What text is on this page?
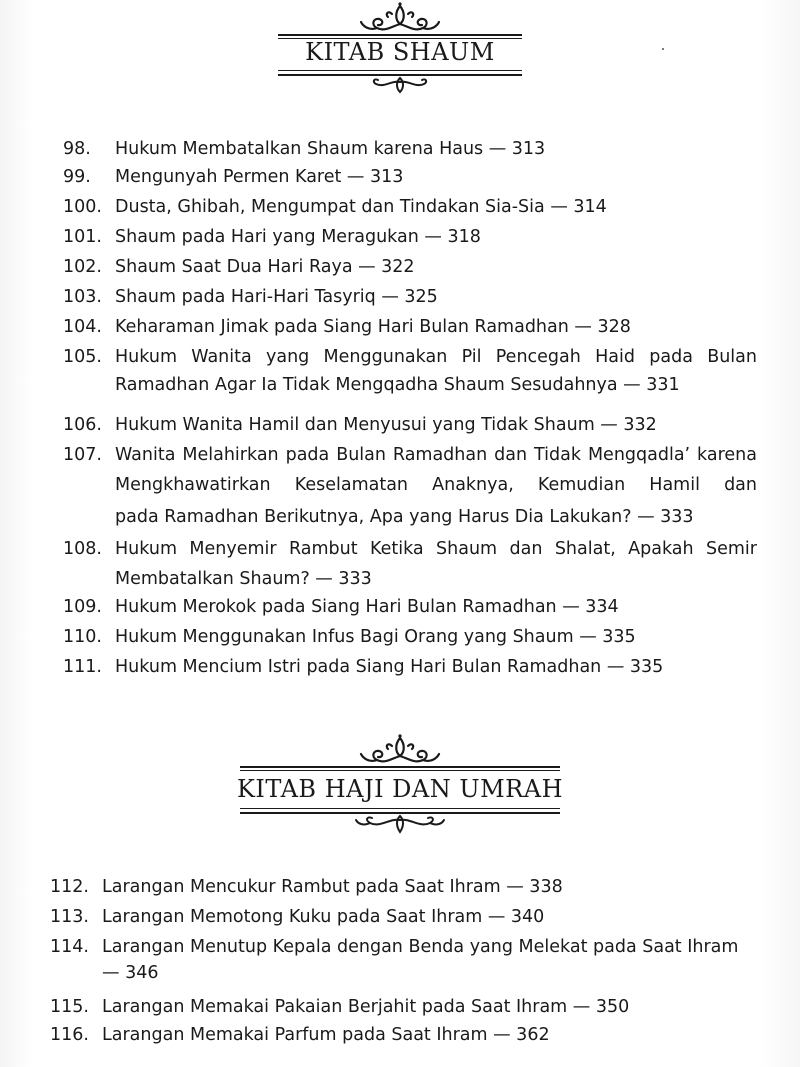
KITAB SHAUM
98. Hukum Membatalkan Shaum karena Haus — 313
99. Mengunyah Permen Karet — 313
100. Dusta, Ghibah, Mengumpat dan Tindakan Sia-Sia — 314
101. Shaum pada Hari yang Meragukan — 318
102. Shaum Saat Dua Hari Raya — 322
103. Shaum pada Hari-Hari Tasyriq — 325
104. Keharaman Jimak pada Siang Hari Bulan Ramadhan — 328
105. Hukum Wanita yang Menggunakan Pil Pencegah Haid pada Bulan
Ramadhan Agar Ia Tidak Mengqadha Shaum Sesudahnya — 331
106. Hukum Wanita Hamil dan Menyusui yang Tidak Shaum — 332
107. Wanita Melahirkan pada Bulan Ramadhan dan Tidak Mengqadla’ karena
Mengkhawatirkan Keselamatan Anaknya, Kemudian Hamil dan
pada Ramadhan Berikutnya, Apa yang Harus Dia Lakukan? — 333
108. Hukum Menyemir Rambut Ketika Shaum dan Shalat, Apakah Semir
Membatalkan Shaum? — 333
109. Hukum Merokok pada Siang Hari Bulan Ramadhan — 334
110. Hukum Menggunakan Infus Bagi Orang yang Shaum — 335
111. Hukum Mencium Istri pada Siang Hari Bulan Ramadhan — 335
KITAB HAJI DAN UMRAH
112. Larangan Mencukur Rambut pada Saat Ihram — 338
113. Larangan Memotong Kuku pada Saat Ihram — 340
114. Larangan Menutup Kepala dengan Benda yang Melekat pada Saat Ihram
— 346
115. Larangan Memakai Pakaian Berjahit pada Saat Ihram — 350
116. Larangan Memakai Parfum pada Saat Ihram — 362
